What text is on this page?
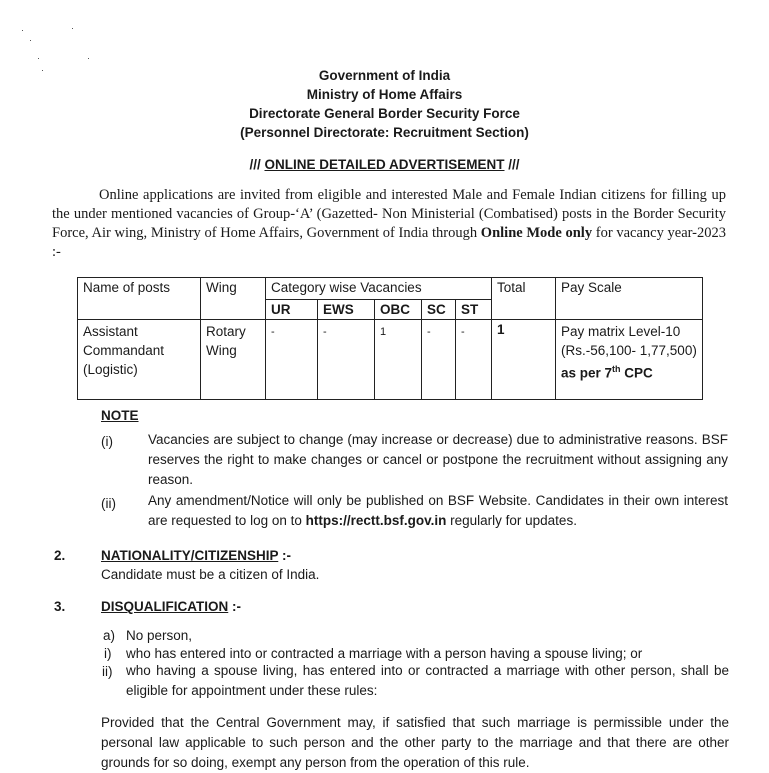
Government of India
Ministry of Home Affairs
Directorate General Border Security Force
(Personnel Directorate: Recruitment Section)
/// ONLINE DETAILED ADVERTISEMENT ///
Online applications are invited from eligible and interested Male and Female Indian citizens for filling up the under mentioned vacancies of Group-‘A’ (Gazetted- Non Ministerial (Combatised) posts in the Border Security Force, Air wing, Ministry of Home Affairs, Government of India through Online Mode only for vacancy year-2023 :-
Name of posts	Wing	Category wise Vacancies					Total	Pay Scale
		UR	EWS	OBC	SC	ST		
Assistant Commandant (Logistic)	Rotary Wing	-	-	1	-	-	1	Pay matrix Level-10
(Rs.-56,100- 1,77,500)
as per 7th CPC
NOTE
(i)	Vacancies are subject to change (may increase or decrease) due to administrative reasons. BSF reserves the right to make changes or cancel or postpone the recruitment without assigning any reason.
(ii) Any amendment/Notice will only be published on BSF Website. Candidates in their own interest are requested to log on to https://rectt.bsf.gov.in regularly for updates.
2.	NATIONALITY/CITIZENSHIP :-
Candidate must be a citizen of India.
3.	DISQUALIFICATION :-
a) No person,
i) who has entered into or contracted a marriage with a person having a spouse living; or
ii) who having a spouse living, has entered into or contracted a marriage with other person, shall be eligible for appointment under these rules:
Provided that the Central Government may, if satisfied that such marriage is permissible under the personal law applicable to such person and the other party to the marriage and that there are other grounds for so doing, exempt any person from the operation of this rule.
